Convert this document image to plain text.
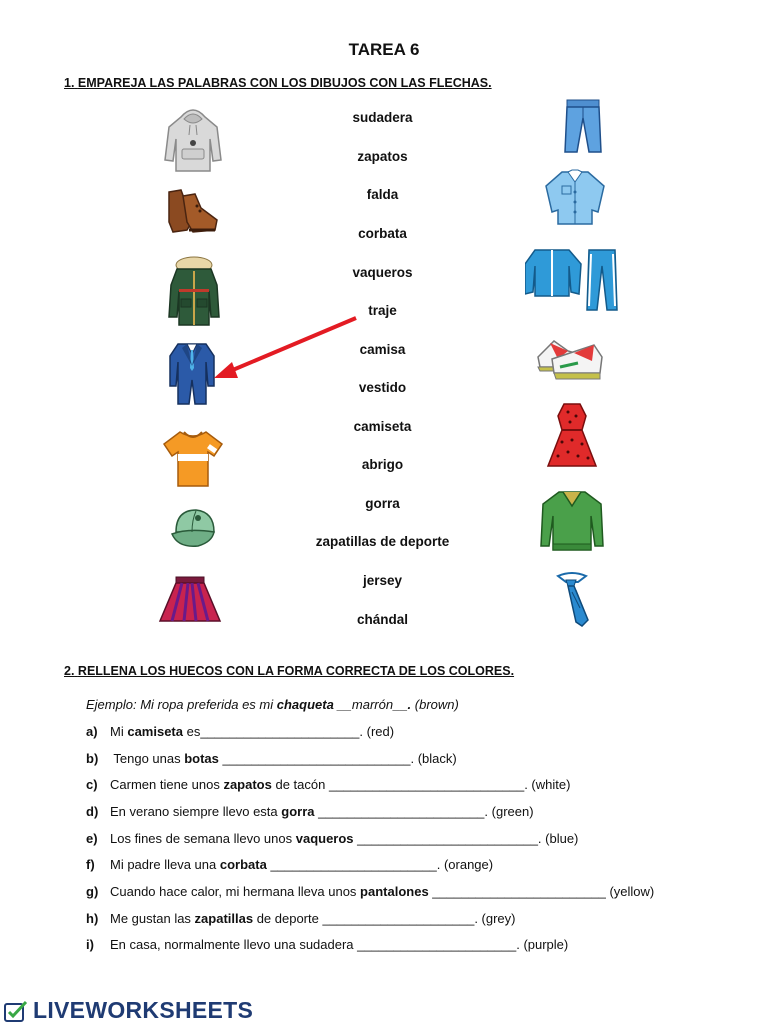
TAREA 6
1. EMPAREJA LAS PALABRAS CON LOS DIBUJOS CON LAS FLECHAS.
sudadera
zapatos
falda
corbata
vaqueros
traje
camisa
vestido
camiseta
abrigo
gorra
zapatillas de deporte
jersey
chándal
2. RELLENA LOS HUECOS CON LA FORMA CORRECTA DE LOS COLORES.
Ejemplo: Mi ropa preferida es mi chaqueta __marrón__. (brown)
a) Mi camiseta es______________________. (red)
b) Tengo unas botas __________________________. (black)
c) Carmen tiene unos zapatos de tacón ___________________________. (white)
d) En verano siempre llevo esta gorra _______________________. (green)
e) Los fines de semana llevo unos vaqueros _________________________. (blue)
f) Mi padre lleva una corbata _______________________. (orange)
g) Cuando hace calor, mi hermana lleva unos pantalones ________________________ (yellow)
h) Me gustan las zapatillas de deporte _____________________. (grey)
i) En casa, normalmente llevo una sudadera ______________________. (purple)
LIVEWORKSHEETS
